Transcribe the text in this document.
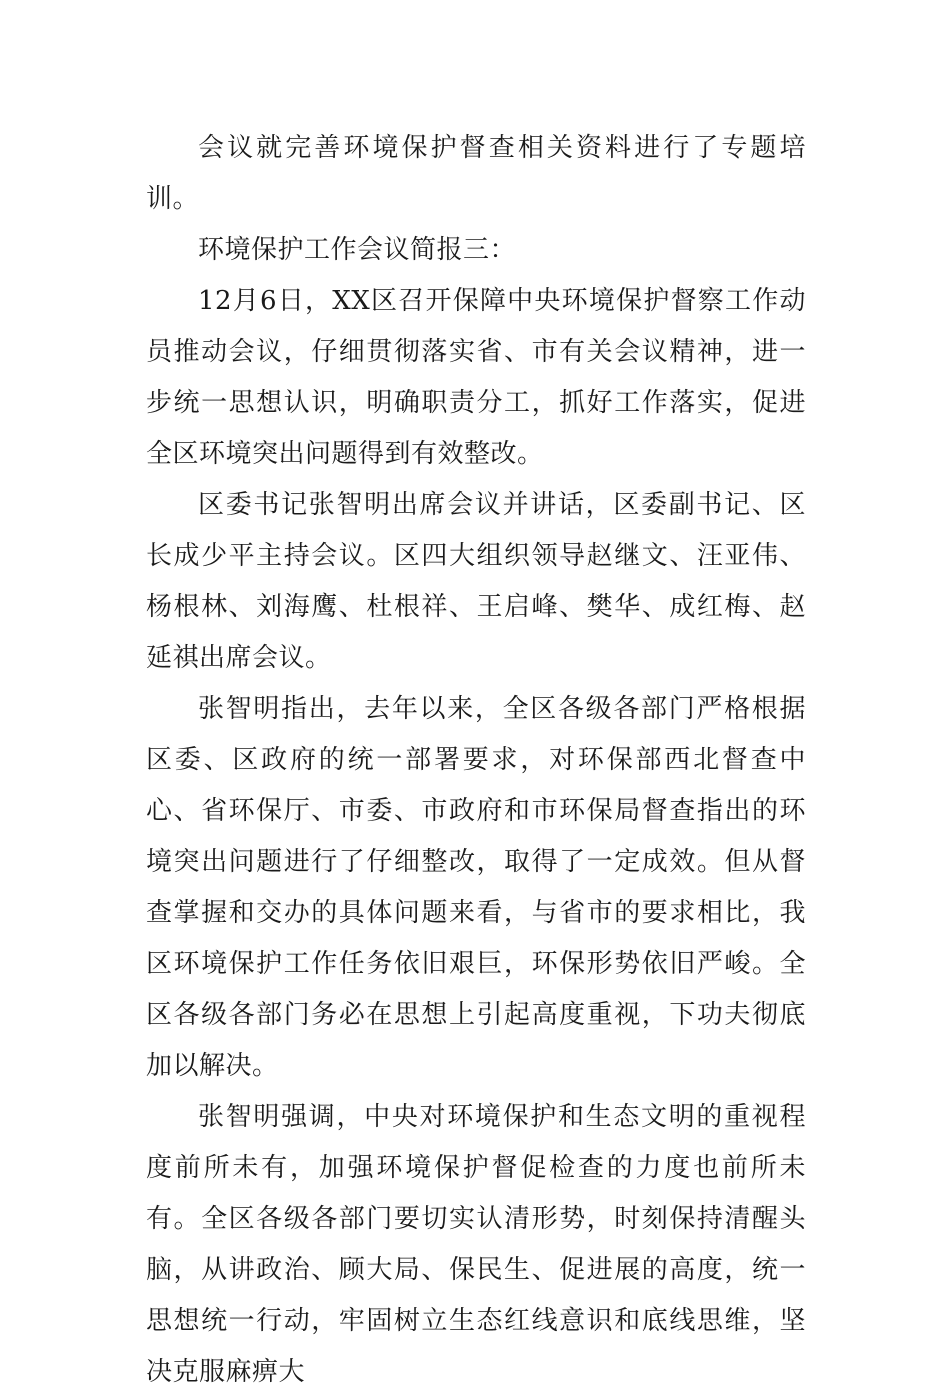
会议就完善环境保护督查相关资料进行了专题培训。

环境保护工作会议简报三：

12月6日，XX区召开保障中央环境保护督察工作动员推动会议，仔细贯彻落实省、市有关会议精神，进一步统一思想认识，明确职责分工，抓好工作落实，促进全区环境突出问题得到有效整改。

区委书记张智明出席会议并讲话，区委副书记、区长成少平主持会议。区四大组织领导赵继文、汪亚伟、杨根林、刘海鹰、杜根祥、王启峰、樊华、成红梅、赵延祺出席会议。

张智明指出，去年以来，全区各级各部门严格根据区委、区政府的统一部署要求，对环保部西北督查中心、省环保厅、市委、市政府和市环保局督查指出的环境突出问题进行了仔细整改，取得了一定成效。但从督查掌握和交办的具体问题来看，与省市的要求相比，我区环境保护工作任务依旧艰巨，环保形势依旧严峻。全区各级各部门务必在思想上引起高度重视，下功夫彻底加以解决。

张智明强调，中央对环境保护和生态文明的重视程度前所未有，加强环境保护督促检查的力度也前所未有。全区各级各部门要切实认清形势，时刻保持清醒头脑，从讲政治、顾大局、保民生、促进展的高度，统一思想统一行动，牢固树立生态红线意识和底线思维，坚决克服麻痹大
